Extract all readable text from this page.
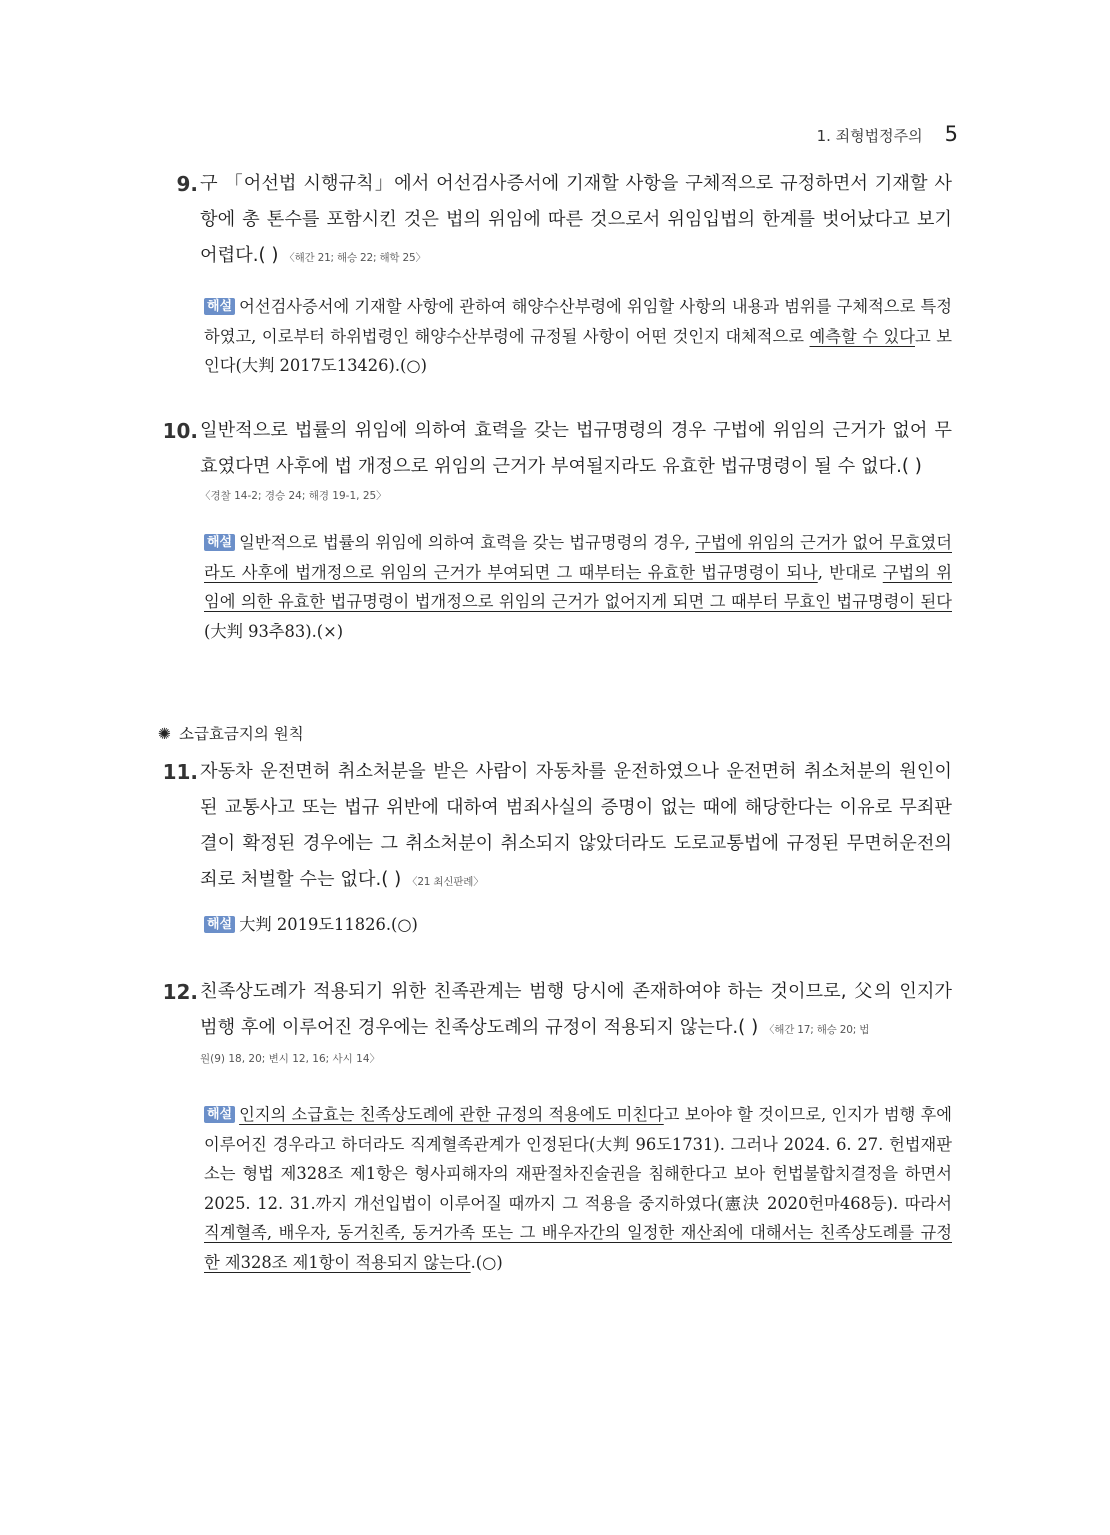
1. 죄형법정주의 5
9. 구 「어선법 시행규칙」에서 어선검사증서에 기재할 사항을 구체적으로 규정하면서 기재할 사항에 총 톤수를 포함시킨 것은 법의 위임에 따른 것으로서 위임입법의 한계를 벗어났다고 보기 어렵다.( ) 〈해간 21; 해승 22; 해학 25〉
해설 어선검사증서에 기재할 사항에 관하여 해양수산부령에 위임할 사항의 내용과 범위를 구체적으로 특정하였고, 이로부터 하위법령인 해양수산부령에 규정될 사항이 어떤 것인지 대체적으로 예측할 수 있다고 보인다(大判 2017도13426).(○)
10. 일반적으로 법률의 위임에 의하여 효력을 갖는 법규명령의 경우 구법에 위임의 근거가 없어 무효였다면 사후에 법 개정으로 위임의 근거가 부여될지라도 유효한 법규명령이 될 수 없다.( )
〈경찰 14-2; 경승 24; 해경 19-1, 25〉
해설 일반적으로 법률의 위임에 의하여 효력을 갖는 법규명령의 경우, 구법에 위임의 근거가 없어 무효였더라도 사후에 법개정으로 위임의 근거가 부여되면 그 때부터는 유효한 법규명령이 되나, 반대로 구법의 위임에 의한 유효한 법규명령이 법개정으로 위임의 근거가 없어지게 되면 그 때부터 무효인 법규명령이 된다(大判 93추83).(×)
✺ 소급효금지의 원칙
11. 자동차 운전면허 취소처분을 받은 사람이 자동차를 운전하였으나 운전면허 취소처분의 원인이 된 교통사고 또는 법규 위반에 대하여 범죄사실의 증명이 없는 때에 해당한다는 이유로 무죄판결이 확정된 경우에는 그 취소처분이 취소되지 않았더라도 도로교통법에 규정된 무면허운전의 죄로 처벌할 수는 없다.( ) 〈21 최신판례〉
해설 大判 2019도11826.(○)
12. 친족상도례가 적용되기 위한 친족관계는 범행 당시에 존재하여야 하는 것이므로, 父의 인지가 범행 후에 이루어진 경우에는 친족상도례의 규정이 적용되지 않는다.( ) 〈해간 17; 해승 20; 법
원(9) 18, 20; 변시 12, 16; 사시 14〉
해설 인지의 소급효는 친족상도례에 관한 규정의 적용에도 미친다고 보아야 할 것이므로, 인지가 범행 후에 이루어진 경우라고 하더라도 직계혈족관계가 인정된다(大判 96도1731). 그러나 2024. 6. 27. 헌법재판소는 형법 제328조 제1항은 형사피해자의 재판절차진술권을 침해한다고 보아 헌법불합치결정을 하면서 2025. 12. 31.까지 개선입법이 이루어질 때까지 그 적용을 중지하였다(憲決 2020헌마468등). 따라서 직계혈족, 배우자, 동거친족, 동거가족 또는 그 배우자간의 일정한 재산죄에 대해서는 친족상도례를 규정한 제328조 제1항이 적용되지 않는다.(○)
